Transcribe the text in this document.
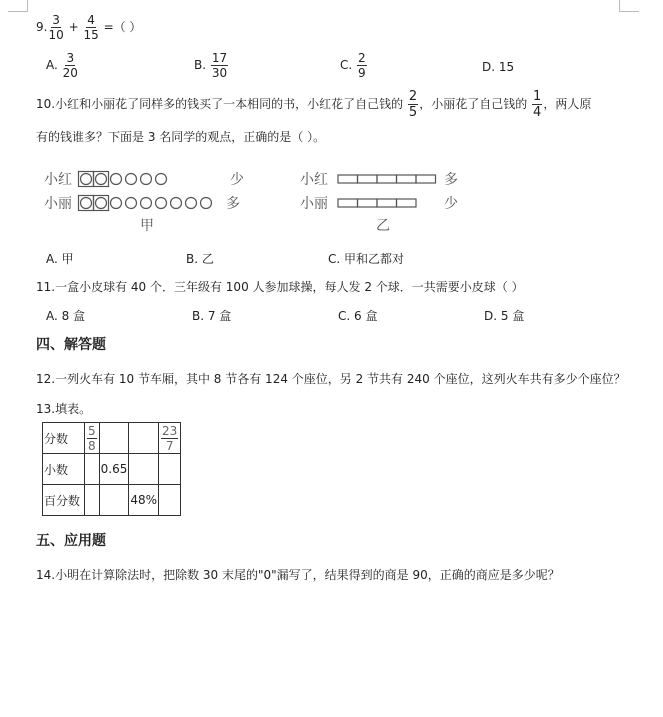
9. $\frac{3}{10} + \frac{4}{15}$ =（ ）
A. $\frac{3}{20}$	B. $\frac{17}{30}$	C. $\frac{2}{9}$	D. 15
10.小红和小丽花了同样多的钱买了一本相同的书，小红花了自己钱的 $\frac{2}{5}$ ，小丽花了自己钱的 $\frac{1}{4}$ ，两人原
有的钱谁多？下面是 3 名同学的观点，正确的是（ ）。
小红
小丽
少
多
甲
小红
小丽
多
少
乙
A. 甲	B. 乙	C. 甲和乙都对
11.一盒小皮球有 40 个．三年级有 100 人参加球操，每人发 2 个球．一共需要小皮球（ ）
A. 8 盒	B. 7 盒	C. 6 盒	D. 5 盒
四、解答题
12.一列火车有 10 节车厢，其中 8 节各有 124 个座位，另 2 节共有 240 个座位，这列火车共有多少个座位？
13.填表。
分数	$\frac{5}{8}$			$\frac{23}{7}$

小数		0.65		
百分数			48%	
五、应用题
14.小明在计算除法时，把除数 30 末尾的"0"漏写了，结果得到的商是 90，正确的商应是多少呢？
